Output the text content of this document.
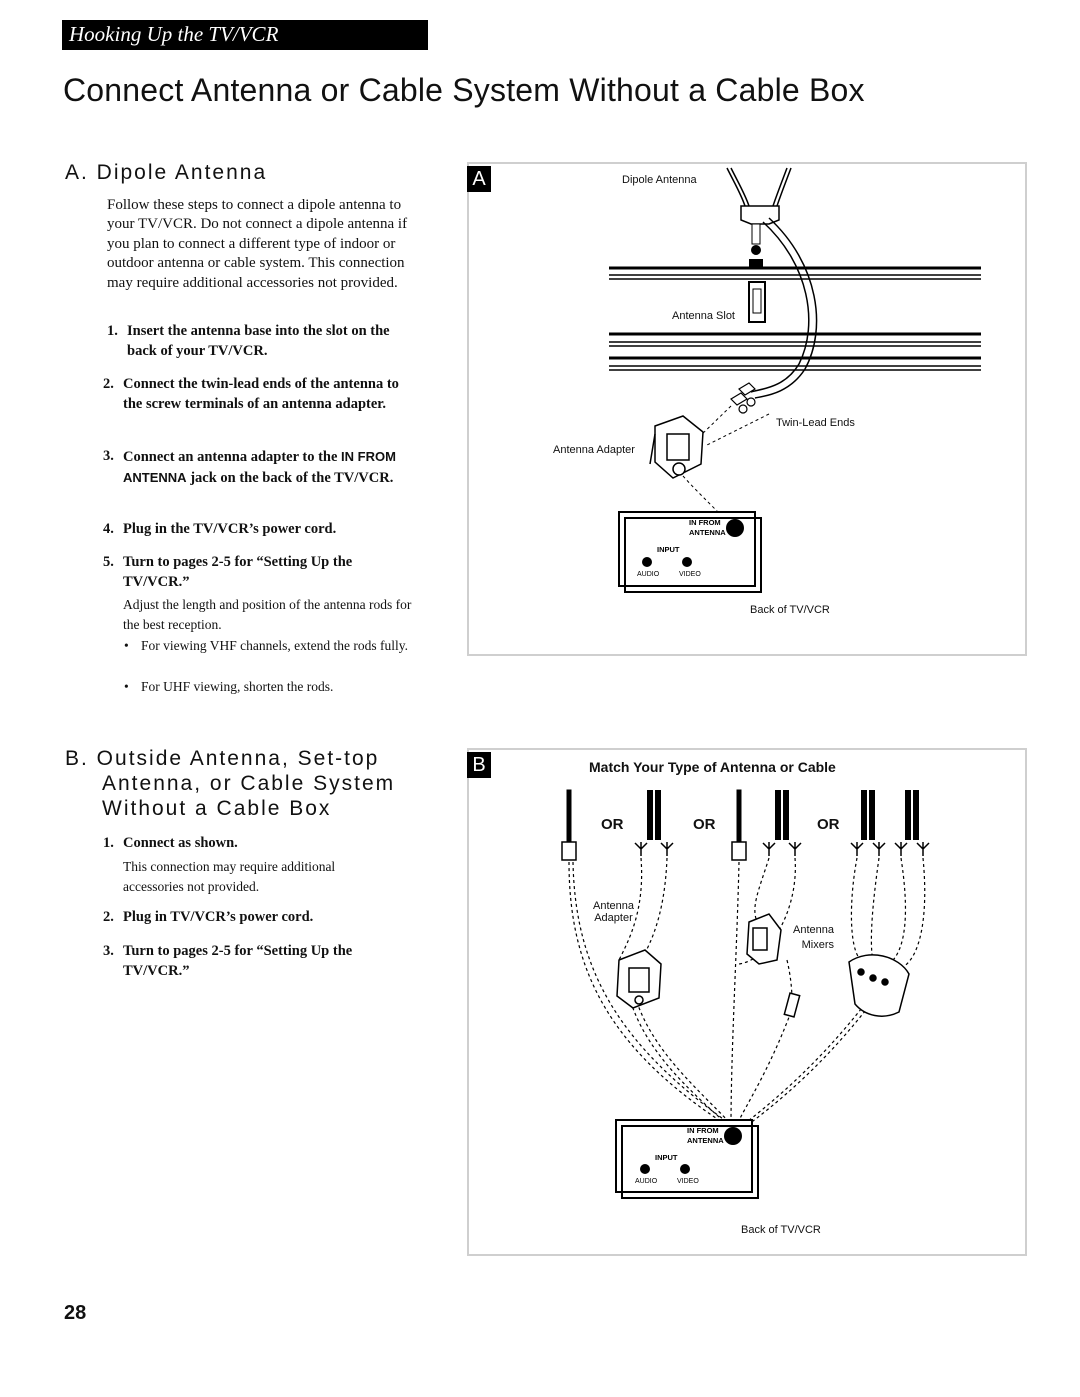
Hooking Up the TV/VCR
Connect Antenna or Cable System Without a Cable Box
A. Dipole Antenna
Follow these steps to connect a dipole antenna to your TV/VCR. Do not connect a dipole antenna if you plan to connect a different type of indoor or outdoor antenna or cable system. This connection may require additional accessories not provided.
1. Insert the antenna base into the slot on the back of your TV/VCR.
2. Connect the twin-lead ends of the antenna to the screw terminals of an antenna adapter.
3. Connect an antenna adapter to the IN FROM ANTENNA jack on the back of the TV/VCR.
4. Plug in the TV/VCR’s power cord.
5. Turn to pages 2-5 for “Setting Up the TV/VCR.”
Adjust the length and position of the antenna rods for the best reception.
• For viewing VHF channels, extend the rods fully.
• For UHF viewing, shorten the rods.
IN FROM
ANTENNA
INPUT
AUDIO	VIDEO
A	Dipole Antenna
Antenna Slot
Twin-Lead Ends
Antenna Adapter
Back of TV/VCR
B. Outside Antenna, Set-top
Antenna, or Cable System
Without a Cable Box
1. Connect as shown.
This connection may require additional accessories not provided.
2. Plug in TV/VCR’s power cord.
3. Turn to pages 2-5 for “Setting Up the TV/VCR.”
IN FROM
ANTENNA
INPUT
AUDIO	VIDEO
B	Match Your Type of Antenna or Cable
OR	OR	OR
Antenna
Adapter
Antenna
Mixers
Back of TV/VCR
28
